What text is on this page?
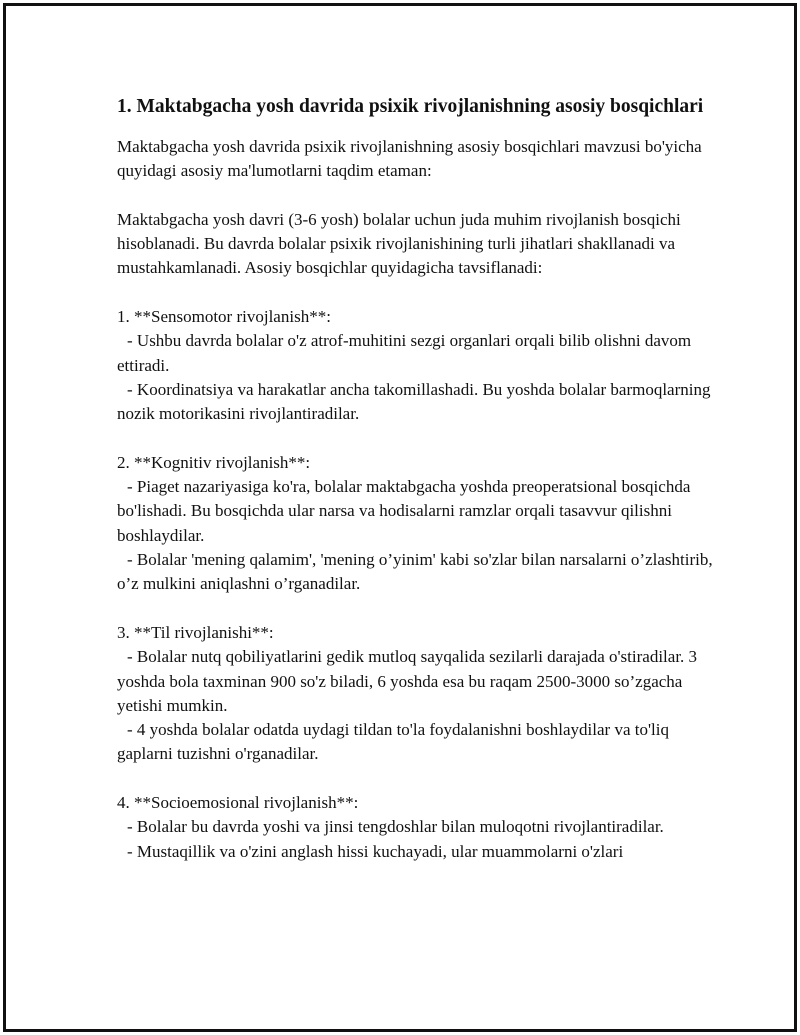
1. Maktabgacha yosh davrida psixik rivojlanishning asosiy bosqichlari

Maktabgacha yosh davrida psixik rivojlanishning asosiy bosqichlari mavzusi bo'yicha quyidagi asosiy ma'lumotlarni taqdim etaman:

Maktabgacha yosh davri (3-6 yosh) bolalar uchun juda muhim rivojlanish bosqichi hisoblanadi. Bu davrda bolalar psixik rivojlanishining turli jihatlari shakllanadi va mustahkamlanadi. Asosiy bosqichlar quyidagicha tavsiflanadi:

1. **Sensomotor rivojlanish**:
- Ushbu davrda bolalar o'z atrof-muhitini sezgi organlari orqali bilib olishni davom ettiradi.
- Koordinatsiya va harakatlar ancha takomillashadi. Bu yoshda bolalar barmoqlarning nozik motorikasini rivojlantiradilar.
2. **Kognitiv rivojlanish**:
- Piaget nazariyasiga ko'ra, bolalar maktabgacha yoshda preoperatsional bosqichda bo'lishadi. Bu bosqichda ular narsa va hodisalarni ramzlar orqali tasavvur qilishni boshlaydilar.
- Bolalar 'mening qalamim', 'mening o’yinim' kabi so'zlar bilan narsalarni o’zlashtirib, o’z mulkini aniqlashni o’rganadilar.
3. **Til rivojlanishi**:
- Bolalar nutq qobiliyatlarini gedik mutloq sayqalida sezilarli darajada o'stiradilar. 3 yoshda bola taxminan 900 so'z biladi, 6 yoshda esa bu raqam 2500-3000 so’zgacha yetishi mumkin.
- 4 yoshda bolalar odatda uydagi tildan to'la foydalanishni boshlaydilar va to'liq gaplarni tuzishni o'rganadilar.
4. **Socioemosional rivojlanish**:
- Bolalar bu davrda yoshi va jinsi tengdoshlar bilan muloqotni rivojlantiradilar.
- Mustaqillik va o'zini anglash hissi kuchayadi, ular muammolarni o'zlari
